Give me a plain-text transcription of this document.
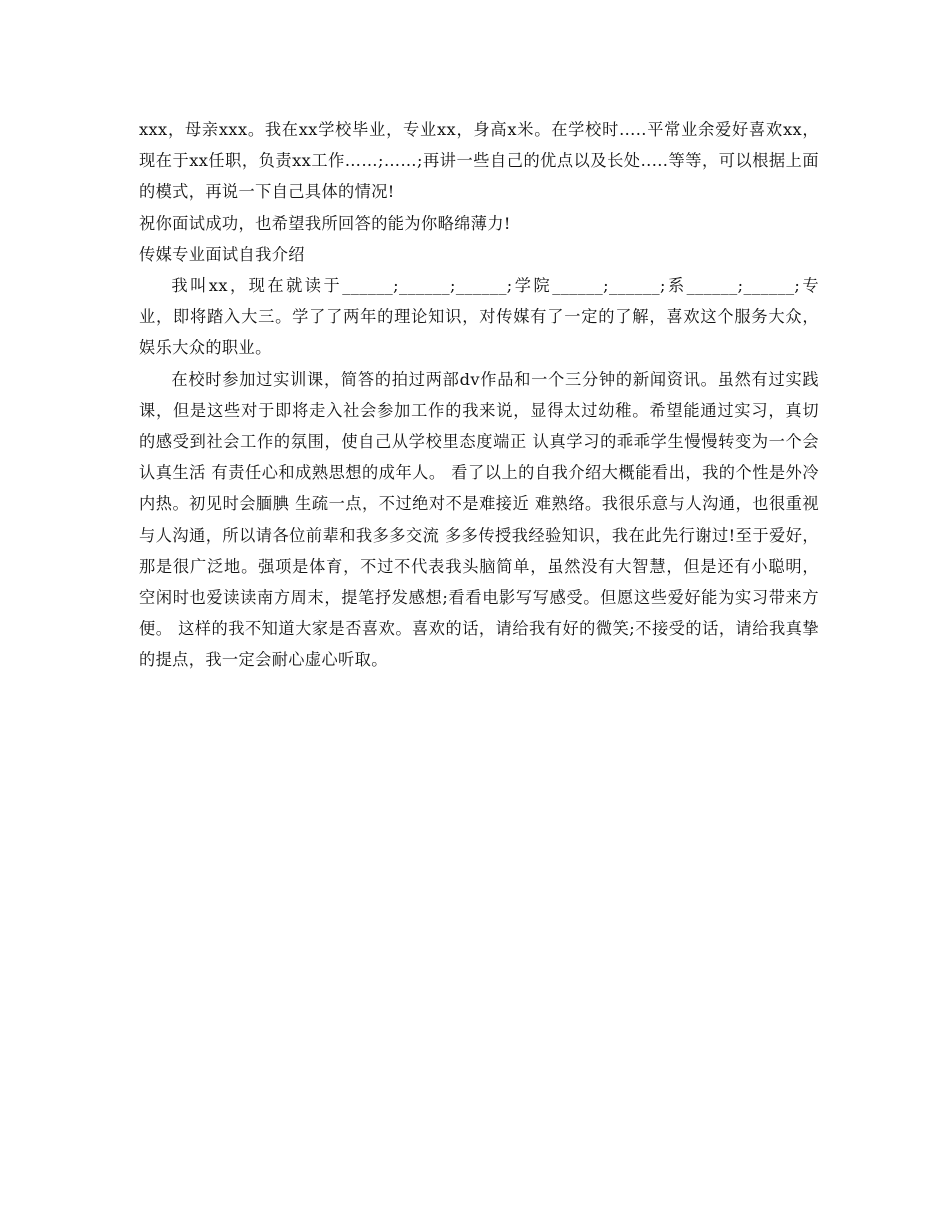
xxx，母亲xxx。我在xx学校毕业，专业xx，身高x米。在学校时.....平常业余爱好喜欢xx，现在于xx任职，负责xx工作……;……;再讲一些自己的优点以及长处.....等等，可以根据上面的模式，再说一下自己具体的情况!

祝你面试成功，也希望我所回答的能为你略绵薄力!

传媒专业面试自我介绍

我叫xx，现在就读于______;______;______;学院______;______;系______;______;专业，即将踏入大三。学了了两年的理论知识，对传媒有了一定的了解，喜欢这个服务大众，娱乐大众的职业。

在校时参加过实训课，简答的拍过两部dv作品和一个三分钟的新闻资讯。虽然有过实践课，但是这些对于即将走入社会参加工作的我来说，显得太过幼稚。希望能通过实习，真切的感受到社会工作的氛围，使自己从学校里态度端正 认真学习的乖乖学生慢慢转变为一个会认真生活 有责任心和成熟思想的成年人。 看了以上的自我介绍大概能看出，我的个性是外冷内热。初见时会腼腆 生疏一点，不过绝对不是难接近 难熟络。我很乐意与人沟通，也很重视与人沟通，所以请各位前辈和我多多交流 多多传授我经验知识，我在此先行谢过!至于爱好，那是很广泛地。强项是体育，不过不代表我头脑简单，虽然没有大智慧，但是还有小聪明，空闲时也爱读读南方周末，提笔抒发感想;看看电影写写感受。但愿这些爱好能为实习带来方便。 这样的我不知道大家是否喜欢。喜欢的话，请给我有好的微笑;不接受的话，请给我真挚的提点，我一定会耐心虚心听取。
